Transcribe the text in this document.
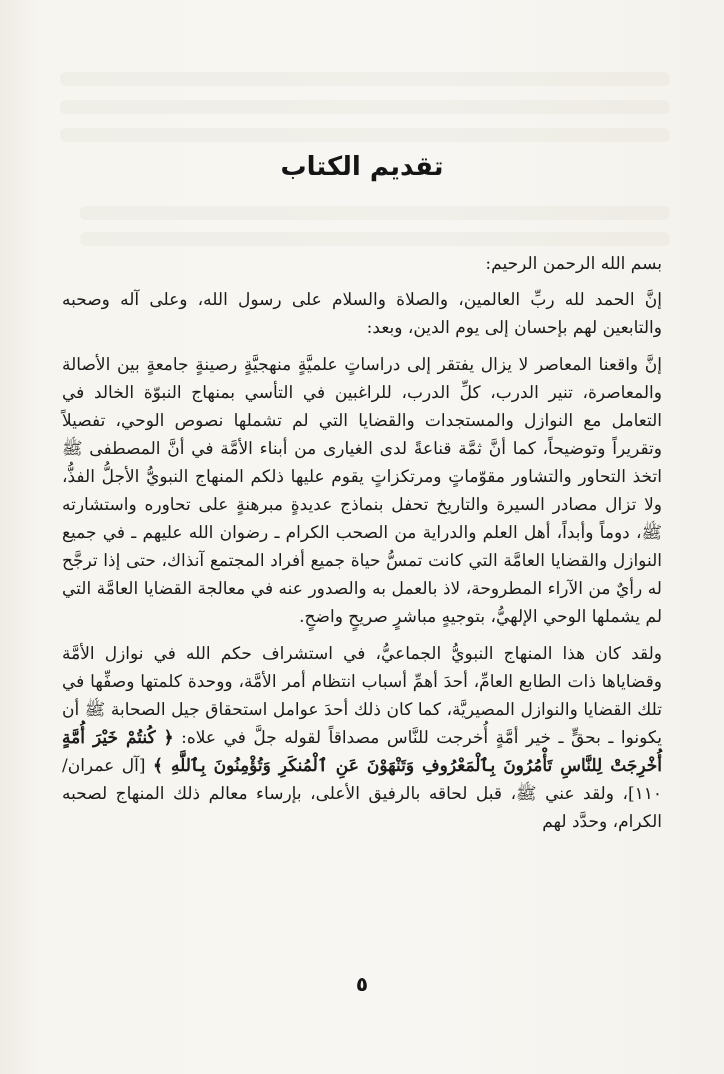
تقديم الكتاب

بسم الله الرحمن الرحيم:

إنَّ الحمد لله ربِّ العالمين، والصلاة والسلام على رسول الله، وعلى آله وصحبه والتابعين لهم بإحسان إلى يوم الدين، وبعد:

إنَّ واقعنا المعاصر لا يزال يفتقر إلى دراساتٍ علميَّةٍ منهجيَّةٍ رصينةٍ جامعةٍ بين الأصالة والمعاصرة، تنير الدرب، كلِّ الدرب، للراغبين في التأسي بمنهاج النبوّة الخالد في التعامل مع النوازل والمستجدات والقضايا التي لم تشملها نصوص الوحي، تفصيلاً وتقريراً وتوضيحاً، كما أنَّ ثمَّة قناعةً لدى الغيارى من أبناء الأمَّة في أنَّ المصطفى ﷺ اتخذ التحاور والتشاور مقوّماتٍ ومرتكزاتٍ يقوم عليها ذلكم المنهاج النبويُّ الأجلُّ الفذُّ، ولا تزال مصادر السيرة والتاريخ تحفل بنماذج عديدةٍ مبرهنةٍ على تحاوره واستشارته ﷺ، دوماً وأبداً، أهل العلم والدراية من الصحب الكرام ـ رضوان الله عليهم ـ في جميع النوازل والقضايا العامَّة التي كانت تمسُّ حياة جميع أفراد المجتمع آنذاك، حتى إذا ترجَّح له رأيٌ من الآراء المطروحة، لاذ بالعمل به والصدور عنه في معالجة القضايا العامَّة التي لم يشملها الوحي الإلهيُّ، بتوجيهٍ مباشرٍ صريحٍ واضحٍ.

ولقد كان هذا المنهاج النبويُّ الجماعيُّ، في استشراف حكم الله في نوازل الأمَّة وقضاياها ذات الطابع العامِّ، أحدَ أهمِّ أسباب انتظام أمر الأمَّة، ووحدة كلمتها وصفِّها في تلك القضايا والنوازل المصيريَّة، كما كان ذلك أحدَ عوامل استحقاق جيل الصحابة ﷺ أن يكونوا ـ بحقٍّ ـ خير أمَّةٍ أُخرجت للنَّاس مصداقاً لقوله جلَّ في علاه: ﴿ كُنتُمْ خَيْرَ أُمَّةٍ أُخْرِجَتْ لِلنَّاسِ تَأْمُرُونَ بِٱلْمَعْرُوفِ وَتَنْهَوْنَ عَنِ ٱلْمُنكَرِ وَتُؤْمِنُونَ بِٱللَّهِ ﴾ [آل عمران/ ١١٠]، ولقد عني ﷺ، قبل لحاقه بالرفيق الأعلى، بإرساء معالم ذلك المنهاج لصحبه الكرام، وحدَّد لهم

٥
